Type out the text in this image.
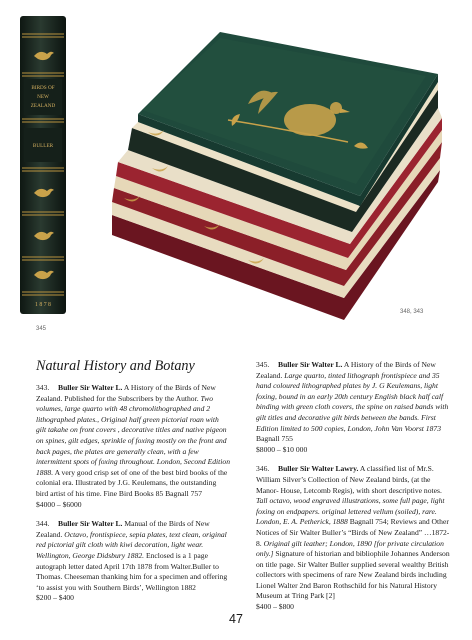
BIRDS OF
NEW
ZEALAND
BULLER
1 8 7 8
345
348, 343
Natural History and Botany
343. Buller Sir Walter L. A History of the Birds of New Zealand. Published for the Subscribers by the Author. Two volumes, large quarto with 48 chromolithographed and 2 lithographed plates., Original half green pictorial roan with gilt takahe on front covers , decorative titles and native pigeon on spines, gilt edges, sprinkle of foxing mostly on the front and back pages, the plates are generally clean, with a few intermittent spots of foxing throughout. London, Second Edition 1888. A very good crisp set of one of the best bird books of the colonial era. Illustrated by J.G. Keulemans, the outstanding bird artist of his time. Fine Bird Books 85 Bagnall 757
$4000 – $6000
344. Buller Sir Walter L. Manual of the Birds of New Zealand. Octavo, frontispiece, sepia plates, text clean, original red pictorial gilt cloth with kiwi decoration, light wear. Wellington, George Didsbury 1882. Enclosed is a 1 page autograph letter dated April 17th 1878 from Walter.Buller to Thomas. Cheeseman thanking him for a specimen and offering ‘to assist you with Southern Birds’, Wellington 1882
$200 – $400
345. Buller Sir Walter L. A History of the Birds of New Zealand. Large quarto, tinted lithograph frontispiece and 35 hand coloured lithographed plates by J. G Keulemans, light foxing, bound in an early 20th century English black half calf binding with green cloth covers, the spine on raised bands with gilt titles and decorative gilt birds between the bands. First Edition limited to 500 copies, London, John Van Voorst 1873 Bagnall 755
$8000 – $10 000
346. Buller Sir Walter Lawry. A classified list of Mr.S. William Silver’s Collection of New Zealand birds, (at the Manor- House, Letcomb Regis), with short descriptive notes. Tall octavo, wood engraved illustrations, some full page, light foxing on endpapers. original lettered vellum (soiled), rare. London, E. A. Petherick, 1888 Bagnall 754; Reviews and Other Notices of Sir Walter Buller’s “Birds of New Zealand” …1872-8. Original gilt leather; London, 1890 [for private circulation only.] Signature of historian and bibliophile Johannes Anderson on title page. Sir Walter Buller supplied several wealthy British collectors with specimens of rare New Zealand birds including Lionel Walter 2nd Baron Rothschild for his Natural History Museum at Tring Park [2]
$400 – $800
47
